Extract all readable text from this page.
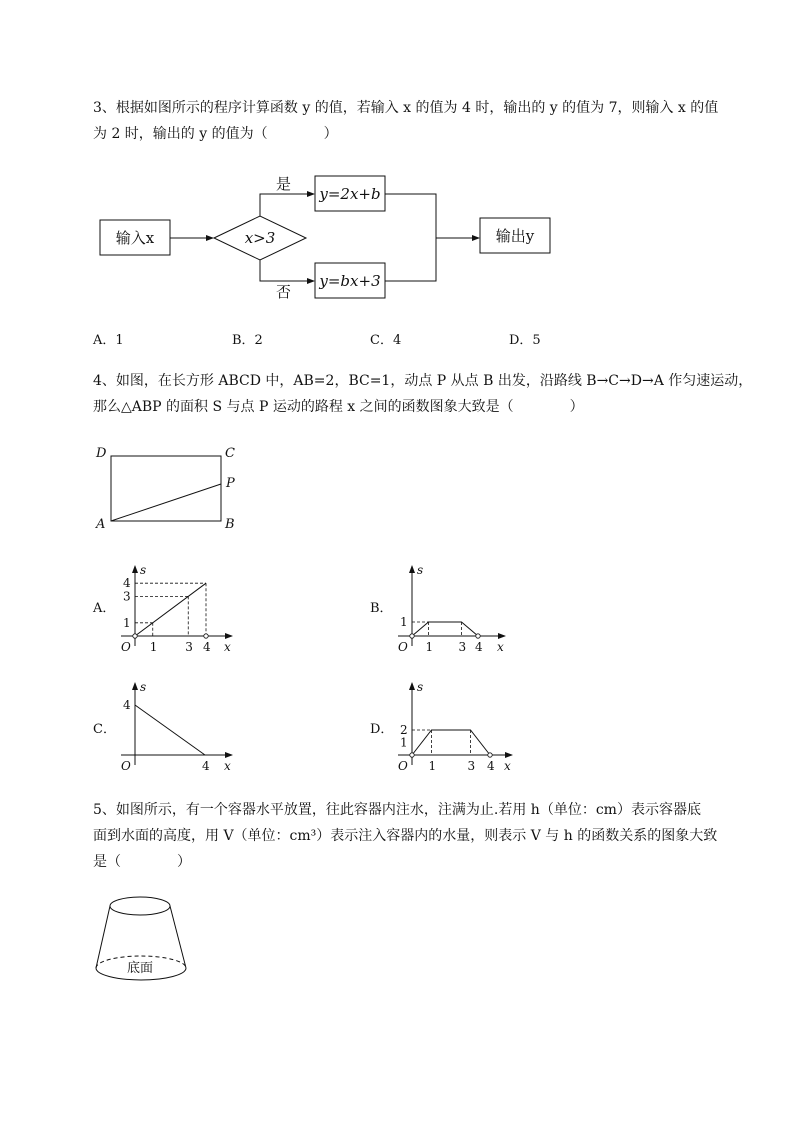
3、根据如图所示的程序计算函数 y 的值，若输入 x 的值为 4 时，输出的 y 的值为 7，则输入 x 的值
为 2 时，输出的 y 的值为（　　　　）
输入x	x>3
是
否
y=2x+b
y=bx+3
输出y
A．1	B．2	C．4	D．5
4、如图，在长方形 ABCD 中，AB=2，BC=1，动点 P 从点 B 出发，沿路线 B→C→D→A 作匀速运动，
那么△ABP 的面积 S 与点 P 运动的路程 x 之间的函数图象大致是（　　　　）
D	C
P
A	B
A．	B．
C．	D．
x
s
O 1 3 4
1
3
4
x
s
O 1 3 4
1
x
s
O	4
4
x
s
O 1	3 4
1
2
5、如图所示，有一个容器水平放置，往此容器内注水，注满为止.若用 h（单位：cm）表示容器底
面到水面的高度，用 V（单位：cm³）表示注入容器内的水量，则表示 V 与 h 的函数关系的图象大致
是（　　　　）
底面
